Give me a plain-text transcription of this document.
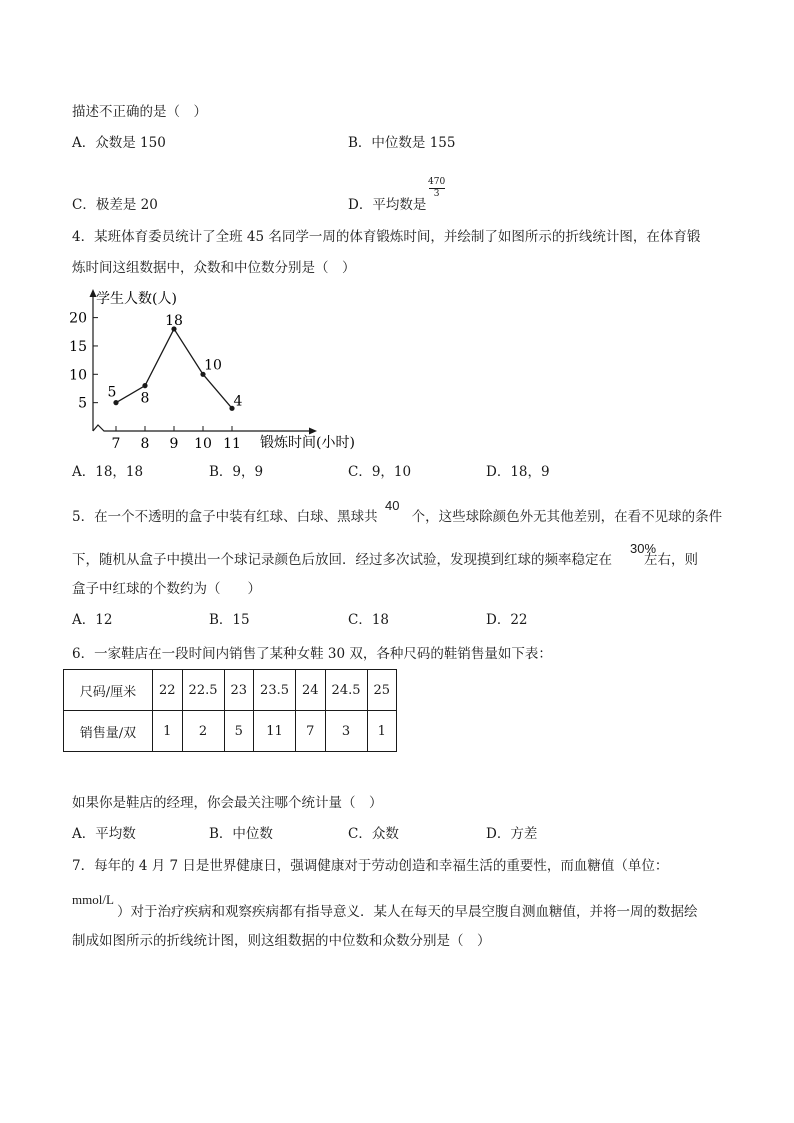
描述不正确的是（　）
A．众数是 150	B．中位数是 155
C．极差是 20	D．平均数是
470
3
4．某班体育委员统计了全班 45 名同学一周的体育锻炼时间，并绘制了如图所示的折线统计图，在体育锻
炼时间这组数据中，众数和中位数分别是（　）
学生人数(人)
锻炼时间(小时)
5
10
15
20
7 8 9 10 11
5 8
18
10
4
A．18，18	B．9，9	C．9，10	D．18，9
5．在一个不透明的盒子中装有红球、白球、黑球共	个，这些球除颜色外无其他差别，在看不见球的条件
40
下，随机从盒子中摸出一个球记录颜色后放回．经过多次试验，发现摸到红球的频率稳定在 左右，则
30%
盒子中红球的个数约为（　　）
A．12	B．15	C．18	D．22
6．一家鞋店在一段时间内销售了某种女鞋 30 双，各种尺码的鞋销售量如下表：
尺码/厘米	22	22.5	23	23.5	24	24.5	25
销售量/双	1	2	5	11	7	3	1
如果你是鞋店的经理，你会最关注哪个统计量（　）
A．平均数	B．中位数	C．众数	D．方差
7．每年的 4 月 7 日是世界健康日，强调健康对于劳动创造和幸福生活的重要性，而血糖值（单位：
mmol/L
）对于治疗疾病和观察疾病都有指导意义．某人在每天的早晨空腹自测血糖值，并将一周的数据绘
制成如图所示的折线统计图，则这组数据的中位数和众数分别是（　）
